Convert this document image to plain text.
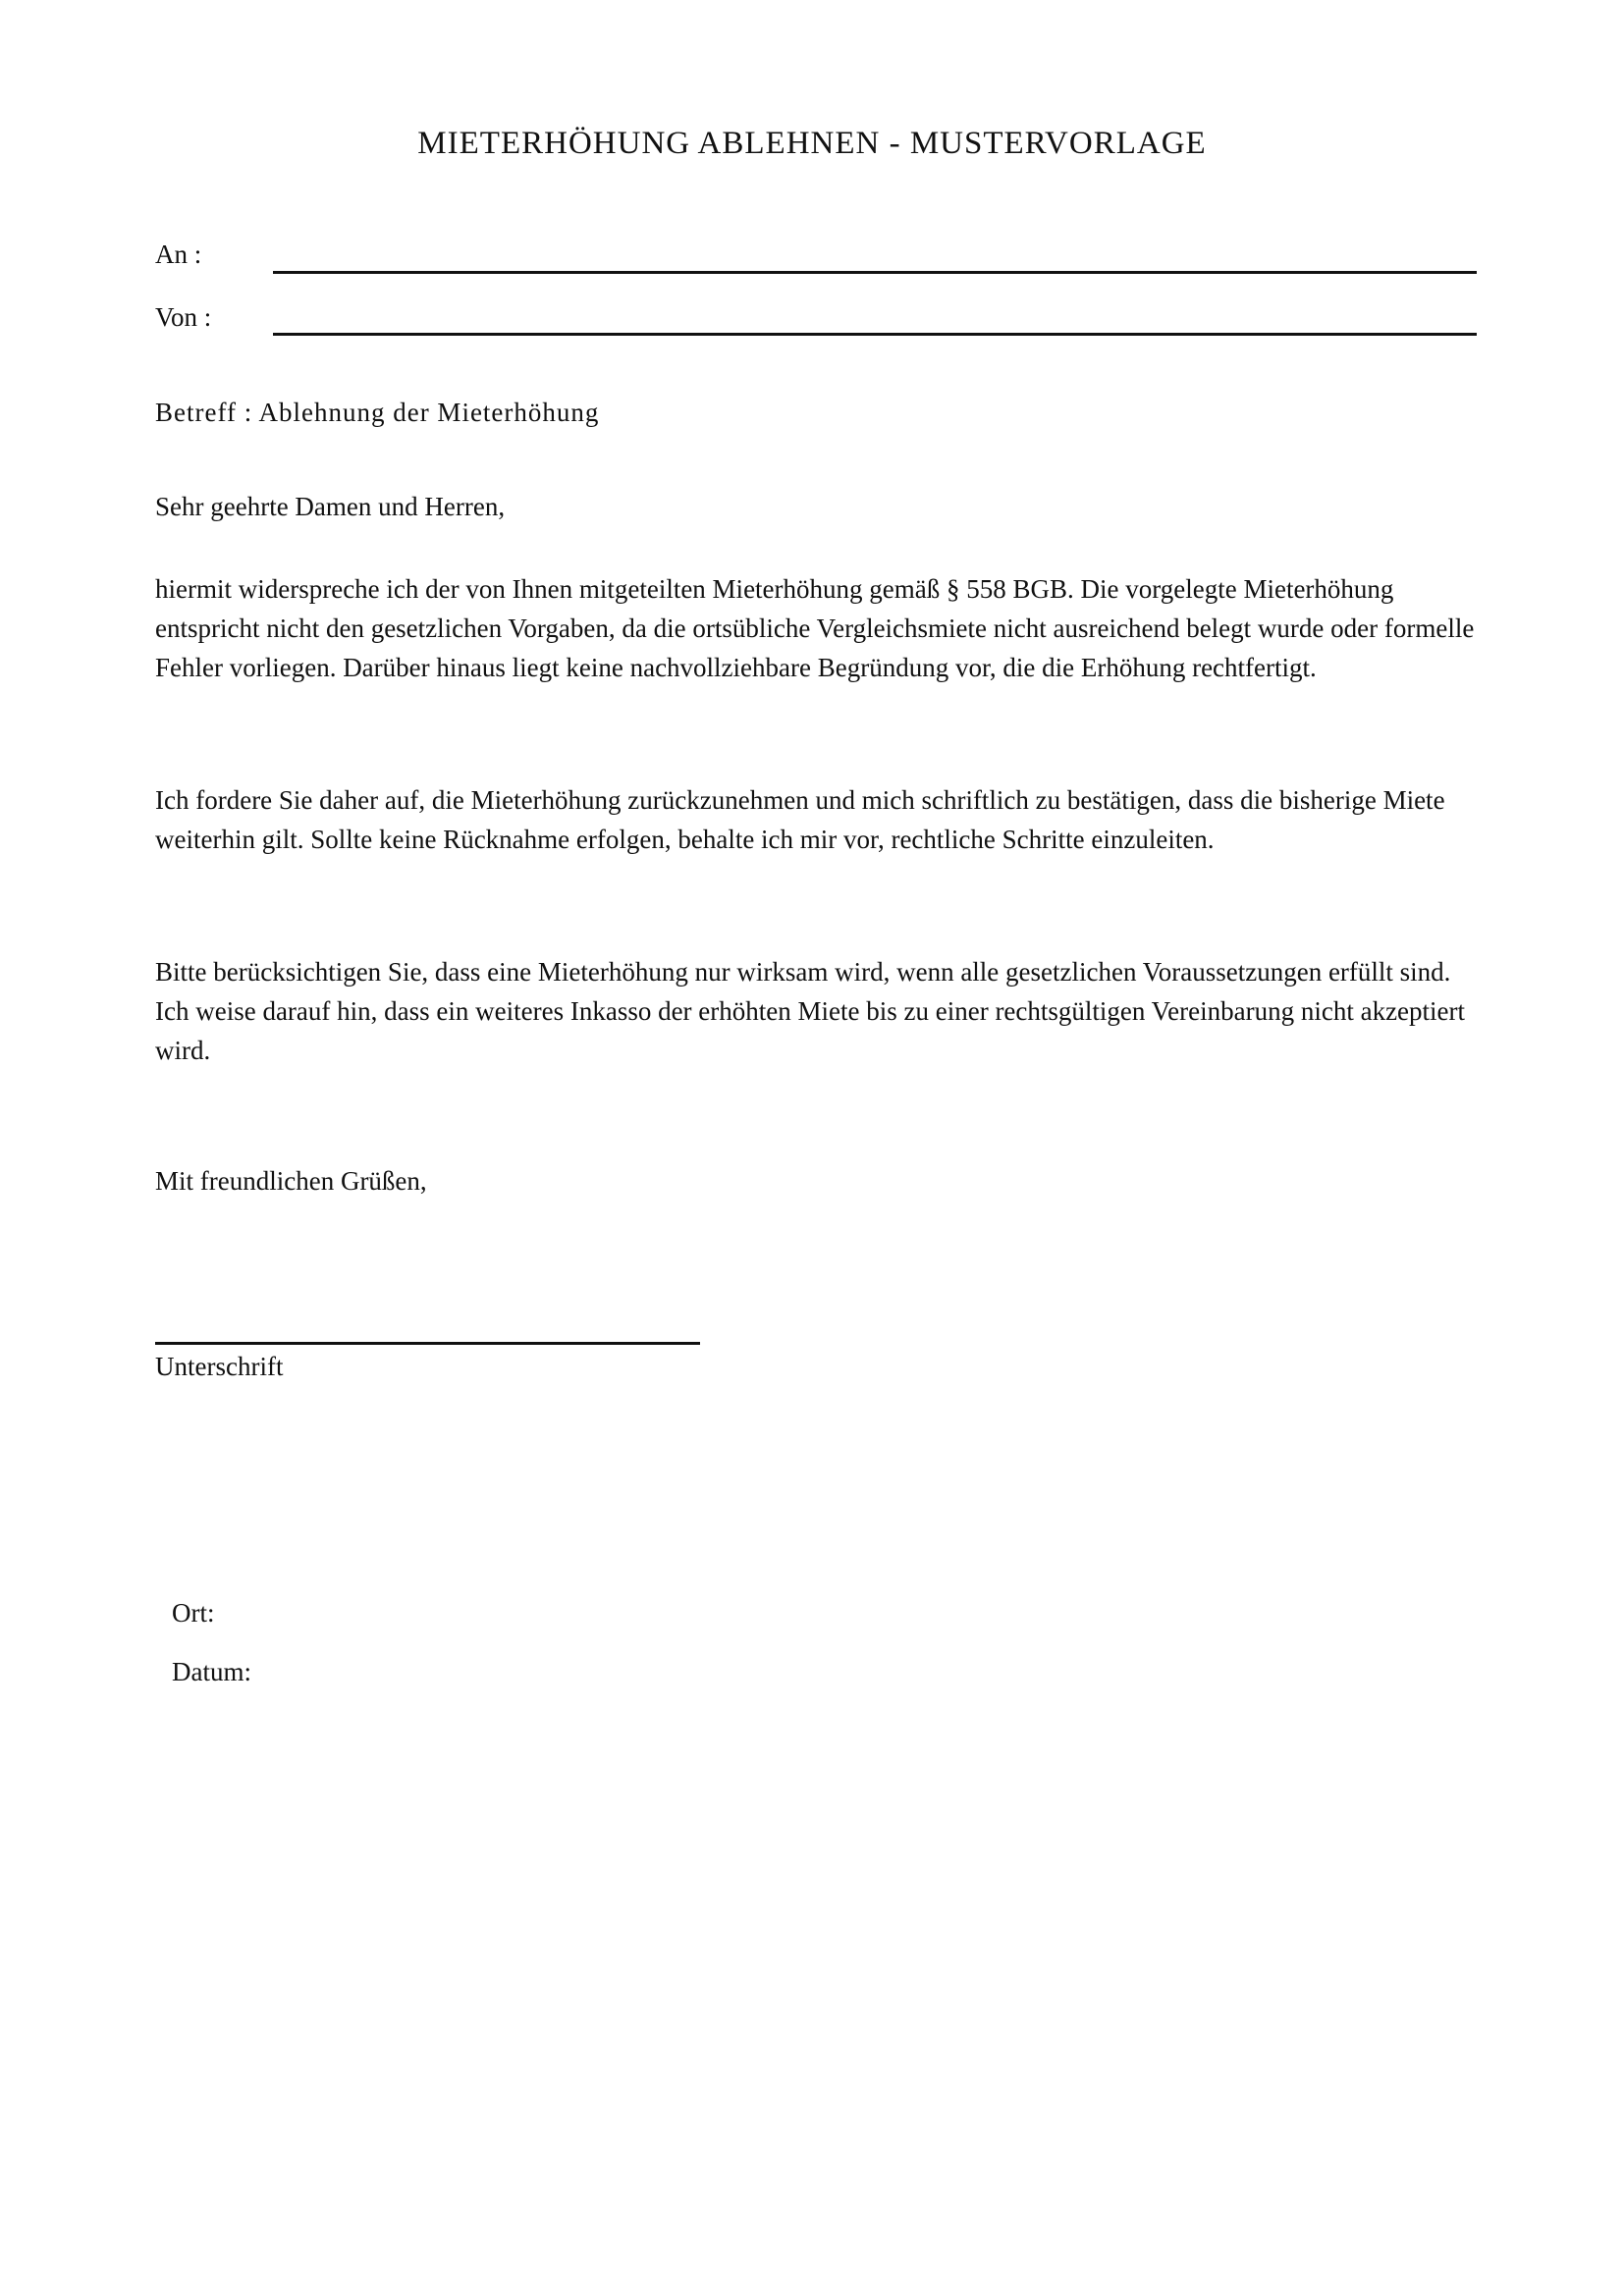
MIETERHÖHUNG ABLEHNEN - MUSTERVORLAGE
An :
Von :
Betreff : Ablehnung der Mieterhöhung
Sehr geehrte Damen und Herren,
hiermit widerspreche ich der von Ihnen mitgeteilten Mieterhöhung gemäß § 558 BGB. Die vorgelegte Mieterhöhung entspricht nicht den gesetzlichen Vorgaben, da die ortsübliche Vergleichsmiete nicht ausreichend belegt wurde oder formelle Fehler vorliegen. Darüber hinaus liegt keine nachvollziehbare Begründung vor, die die Erhöhung rechtfertigt.
Ich fordere Sie daher auf, die Mieterhöhung zurückzunehmen und mich schriftlich zu bestätigen, dass die bisherige Miete weiterhin gilt. Sollte keine Rücknahme erfolgen, behalte ich mir vor, rechtliche Schritte einzuleiten.
Bitte berücksichtigen Sie, dass eine Mieterhöhung nur wirksam wird, wenn alle gesetzlichen Voraussetzungen erfüllt sind. Ich weise darauf hin, dass ein weiteres Inkasso der erhöhten Miete bis zu einer rechtsgültigen Vereinbarung nicht akzeptiert wird.
Mit freundlichen Grüßen,
Unterschrift
Ort:
Datum:
